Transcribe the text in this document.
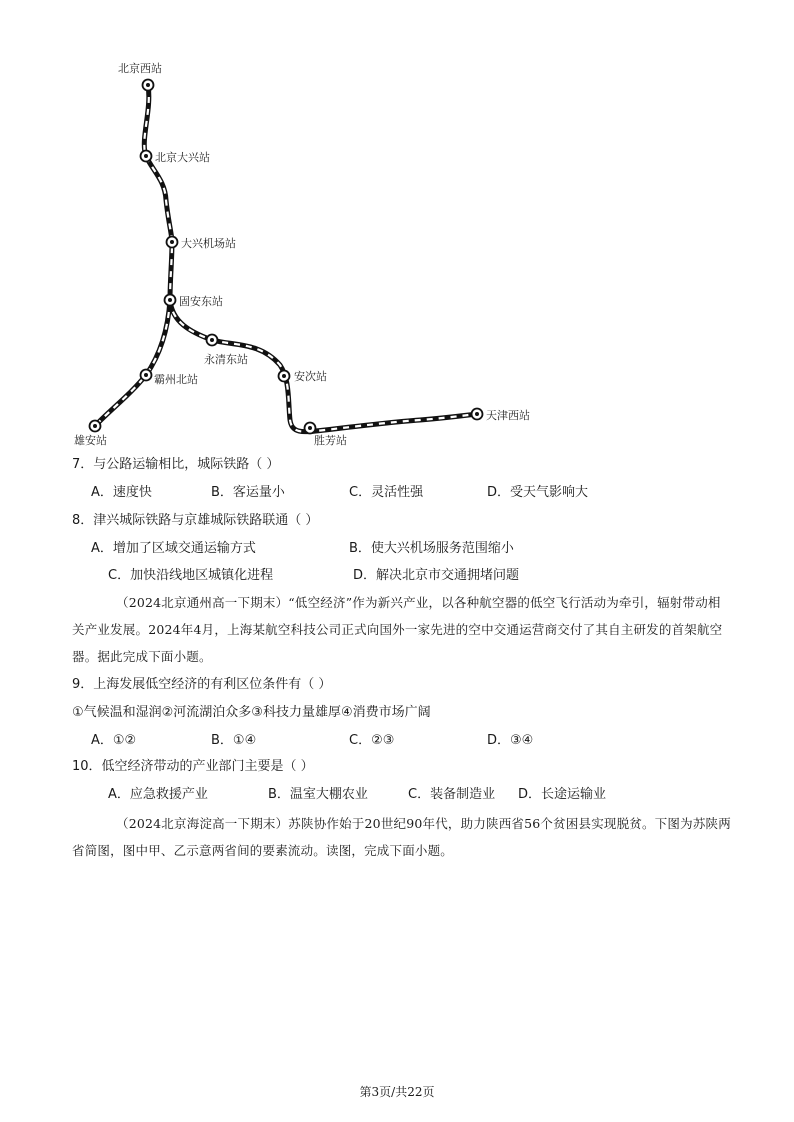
北京西站
北京大兴站
大兴机场站
固安东站
永清东站
安次站
霸州北站
雄安站	胜芳站
天津西站
7．与公路运输相比，城际铁路（ ）
A．速度快	B．客运量小	C．灵活性强	D．受天气影响大
8．津兴城际铁路与京雄城际铁路联通（ ）
A．增加了区域交通运输方式	B．使大兴机场服务范围缩小
C．加快沿线地区城镇化进程	D．解决北京市交通拥堵问题

（2024北京通州高一下期末）“低空经济”作为新兴产业，以各种航空器的低空飞行活动为牵引，辐射带动相关产业发展。2024年4月，上海某航空科技公司正式向国外一家先进的空中交通运营商交付了其自主研发的首架航空器。据此完成下面小题。

9．上海发展低空经济的有利区位条件有（ ）
①气候温和湿润②河流湖泊众多③科技力量雄厚④消费市场广阔
A．①②	B．①④	C．②③	D．③④
10．低空经济带动的产业部门主要是（ ）
A．应急救援产业	B．温室大棚农业	C．装备制造业 D．长途运输业

（2024北京海淀高一下期末）苏陕协作始于20世纪90年代，助力陕西省56个贫困县实现脱贫。下图为苏陕两省简图，图中甲、乙示意两省间的要素流动。读图，完成下面小题。

第3页/共22页
